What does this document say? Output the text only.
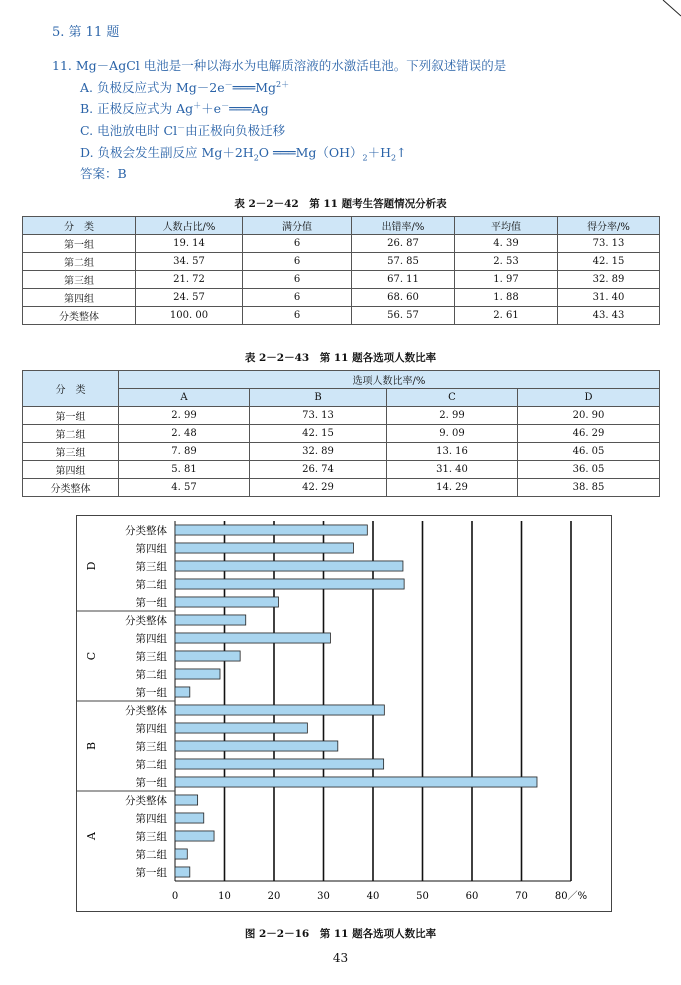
5. 第 11 题
11. Mg－AgCl 电池是一种以海水为电解质溶液的水激活电池。下列叙述错误的是
A. 负极反应式为 $Mg-2e^-═══Mg^{2+}$
B. 正极反应式为 Ag＋＋e－═══Ag
C. 电池放电时 Cl－由正极向负极迁移
D. 负极会发生副反应 $Mg+2H_2O$ $═══Mg(OH)_2+H_2↑$
答案：B
表 2－2－42　第 11 题考生答题情况分析表
分　类	人数占比/%	满分值	出错率/%	平均值	得分率/%
第一组	19. 14	6	26. 87	4. 39	73. 13
第二组	34. 57	6	57. 85	2. 53	42. 15
第三组	21. 72	6	67. 11	1. 97	32. 89
第四组	24. 57	6	68. 60	1. 88	31. 40
分类整体	100. 00	6	56. 57	2. 61	43. 43
表 2－2－43　第 11 题各选项人数比率
分　类	选项人数比率/%			
	A	B	C	D
第一组	2. 99	73. 13	2. 99	20. 90
第二组	2. 48	42. 15	9. 09	46. 29
第三组	7. 89	32. 89	13. 16	46. 05
第四组	5. 81	26. 74	31. 40	36. 05
分类整体	4. 57	42. 29	14. 29	38. 85
0	10	20	30	40	50	60	70	80／%
D
分类整体
第四组
第三组
第二组
第一组
C
分类整体
第四组
第三组
第二组
第一组
B
分类整体
第四组
第三组
第二组
第一组
A
分类整体
第四组
第三组
第二组
第一组
图 2－2－16　第 11 题各选项人数比率
43
